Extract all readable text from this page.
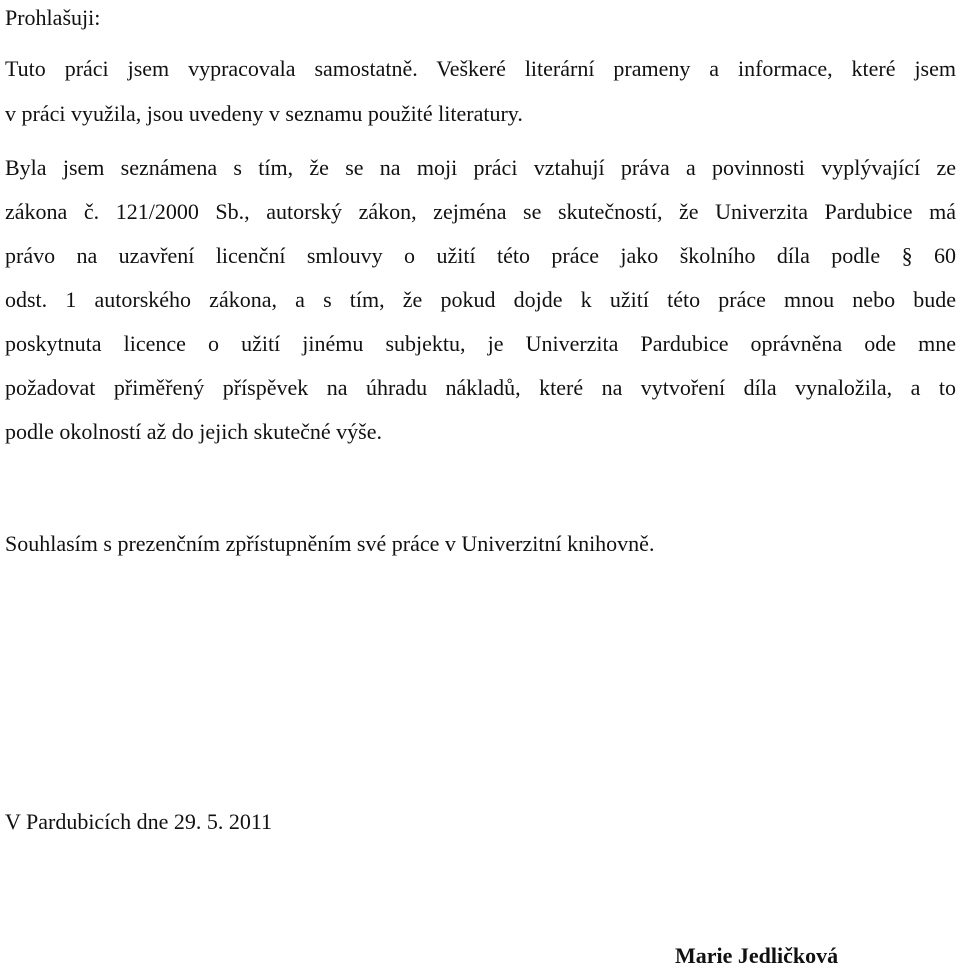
Prohlašuji:
Tuto práci jsem vypracovala samostatně. Veškeré literární prameny a informace, které jsem
v práci využila, jsou uvedeny v seznamu použité literatury.
Byla jsem seznámena s tím, že se na moji práci vztahují práva a povinnosti vyplývající ze
zákona č. 121/2000 Sb., autorský zákon, zejména se skutečností, že Univerzita Pardubice má
právo na uzavření licenční smlouvy o užití této práce jako školního díla podle § 60
odst. 1 autorského zákona, a s tím, že pokud dojde k užití této práce mnou nebo bude
poskytnuta licence o užití jinému subjektu, je Univerzita Pardubice oprávněna ode mne
požadovat přiměřený příspěvek na úhradu nákladů, které na vytvoření díla vynaložila, a to
podle okolností až do jejich skutečné výše.
Souhlasím s prezenčním zpřístupněním své práce v Univerzitní knihovně.
V Pardubicích dne 29. 5. 2011
Marie Jedličková
